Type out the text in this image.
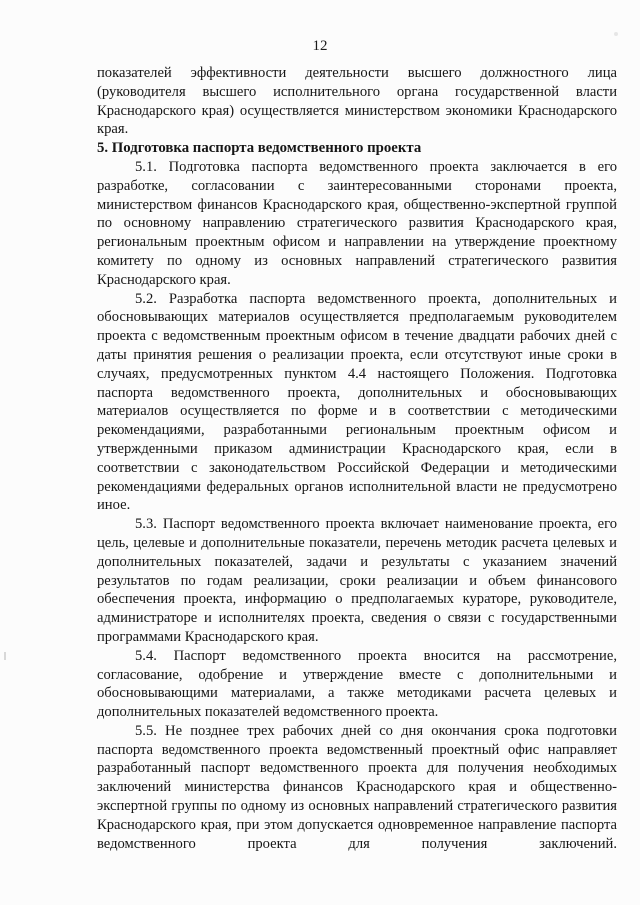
12

показателей эффективности деятельности высшего должностного лица (руководителя высшего исполнительного органа государственной власти Краснодарского края) осуществляется министерством экономики Краснодарского края.

5. Подготовка паспорта ведомственного проекта

5.1. Подготовка паспорта ведомственного проекта заключается в его разработке, согласовании с заинтересованными сторонами проекта, министерством финансов Краснодарского края, общественно-экспертной группой по основному направлению стратегического развития Краснодарского края, региональным проектным офисом и направлении на утверждение проектному комитету по одному из основных направлений стратегического развития Краснодарского края.

5.2. Разработка паспорта ведомственного проекта, дополнительных и обосновывающих материалов осуществляется предполагаемым руководителем проекта с ведомственным проектным офисом в течение двадцати рабочих дней с даты принятия решения о реализации проекта, если отсутствуют иные сроки в случаях, предусмотренных пунктом 4.4 настоящего Положения. Подготовка паспорта ведомственного проекта, дополнительных и обосновывающих материалов осуществляется по форме и в соответствии с методическими рекомендациями, разработанными региональным проектным офисом и утвержденными приказом администрации Краснодарского края, если в соответствии с законодательством Российской Федерации и методическими рекомендациями федеральных органов исполнительной власти не предусмотрено иное.

5.3. Паспорт ведомственного проекта включает наименование проекта, его цель, целевые и дополнительные показатели, перечень методик расчета целевых и дополнительных показателей, задачи и результаты с указанием значений результатов по годам реализации, сроки реализации и объем финансового обеспечения проекта, информацию о предполагаемых кураторе, руководителе, администраторе и исполнителях проекта, сведения о связи с государственными программами Краснодарского края.

5.4. Паспорт ведомственного проекта вносится на рассмотрение, согласование, одобрение и утверждение вместе с дополнительными и обосновывающими материалами, а также методиками расчета целевых и дополнительных показателей ведомственного проекта.

5.5. Не позднее трех рабочих дней со дня окончания срока подготовки паспорта ведомственного проекта ведомственный проектный офис направляет разработанный паспорт ведомственного проекта для получения необходимых заключений министерства финансов Краснодарского края и общественно-экспертной группы по одному из основных направлений стратегического развития Краснодарского края, при этом допускается одновременное направление паспорта ведомственного проекта для получения заключений.
